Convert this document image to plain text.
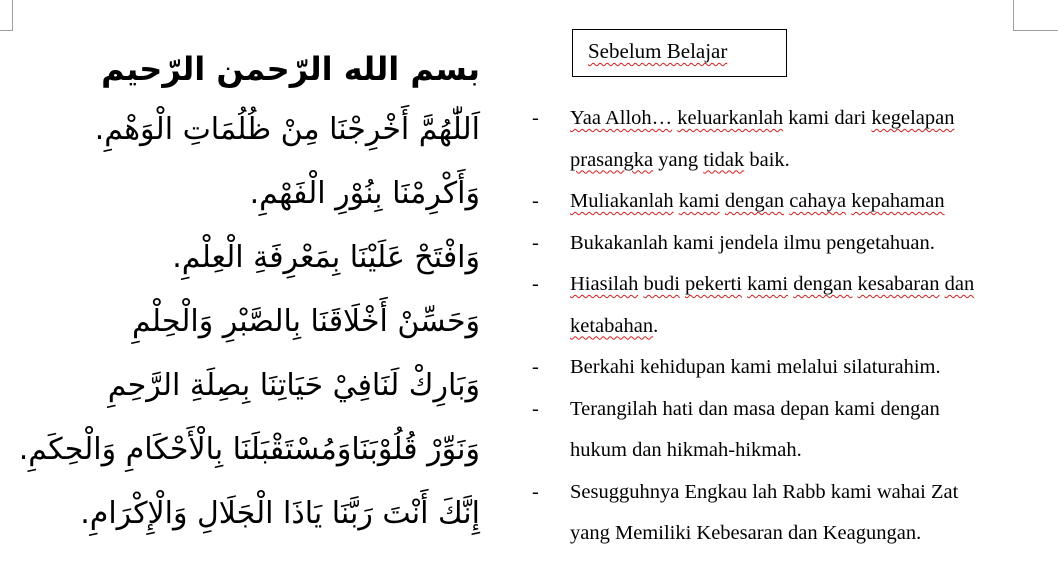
بسم الله الرّحمن الرّحيم

اَللّٰهُمَّ أَخْرِجْنَا مِنْ ظُلُمَاتِ الْوَهْمِ.

وَأَكْرِمْنَا بِنُوْرِ الْفَهْمِ.

وَافْتَحْ عَلَيْنَا بِمَعْرِفَةِ الْعِلْمِ.

وَحَسِّنْ أَخْلَاقَنَا بِالصَّبْرِ وَالْحِلْمِ

وَبَارِكْ لَنَافِيْ حَيَاتِنَا بِصِلَةِ الرَّحِمِ

وَنَوِّرْ قُلُوْبَنَاوَمُسْتَقْبَلَنَا بِالْأَحْكَامِ وَالْحِكَمِ.

إِنَّكَ أَنْتَ رَبَّنَا يَاذَا الْجَلَالِ وَالْإِكْرَامِ.

Sebelum Belajar
- Yaa Alloh… keluarkanlah kami dari kegelapan
prasangka yang tidak baik.
- Muliakanlah kami dengan cahaya kepahaman
- Bukakanlah kami jendela ilmu pengetahuan.
- Hiasilah budi pekerti kami dengan kesabaran dan
ketabahan.
- Berkahi kehidupan kami melalui silaturahim.
- Terangilah hati dan masa depan kami dengan
hukum dan hikmah-hikmah.
- Sesugguhnya Engkau lah Rabb kami wahai Zat
yang Memiliki Kebesaran dan Keagungan.
